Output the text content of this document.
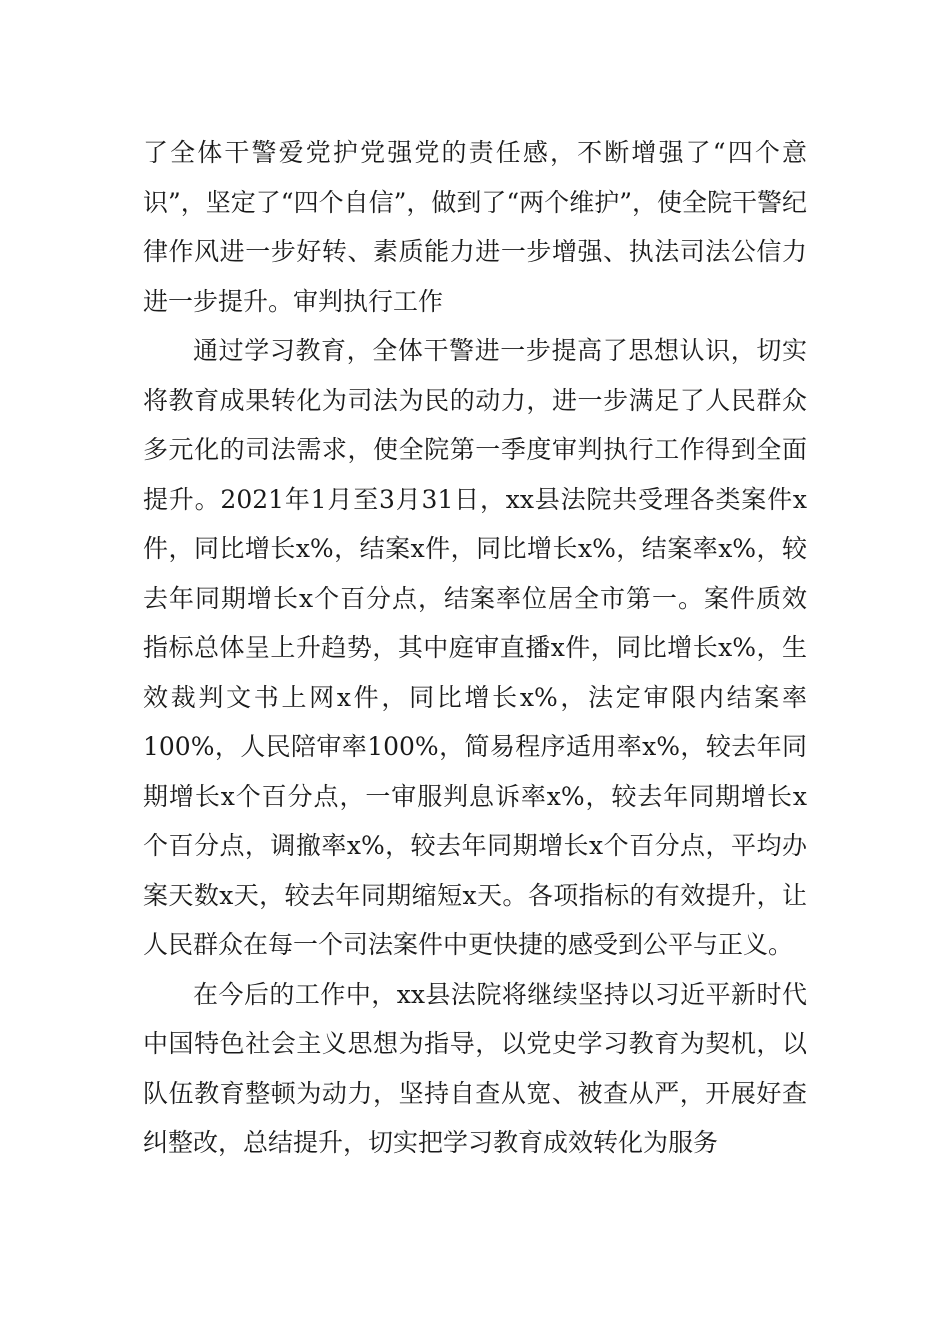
了全体干警爱党护党强党的责任感，不断增强了“四个意识”，坚定了“四个自信”，做到了“两个维护”，使全院干警纪律作风进一步好转、素质能力进一步增强、执法司法公信力进一步提升。审判执行工作

通过学习教育，全体干警进一步提高了思想认识，切实将教育成果转化为司法为民的动力，进一步满足了人民群众多元化的司法需求，使全院第一季度审判执行工作得到全面提升。2021年1月至3月31日，xx县法院共受理各类案件x件，同比增长x%，结案x件，同比增长x%，结案率x%，较去年同期增长x个百分点，结案率位居全市第一。案件质效指标总体呈上升趋势，其中庭审直播x件，同比增长x%，生效裁判文书上网x件，同比增长x%，法定审限内结案率100%，人民陪审率100%，简易程序适用率x%，较去年同期增长x个百分点，一审服判息诉率x%，较去年同期增长x个百分点，调撤率x%，较去年同期增长x个百分点，平均办案天数x天，较去年同期缩短x天。各项指标的有效提升，让人民群众在每一个司法案件中更快捷的感受到公平与正义。

在今后的工作中，xx县法院将继续坚持以习近平新时代中国特色社会主义思想为指导，以党史学习教育为契机，以队伍教育整顿为动力，坚持自查从宽、被查从严，开展好查纠整改，总结提升，切实把学习教育成效转化为服务
